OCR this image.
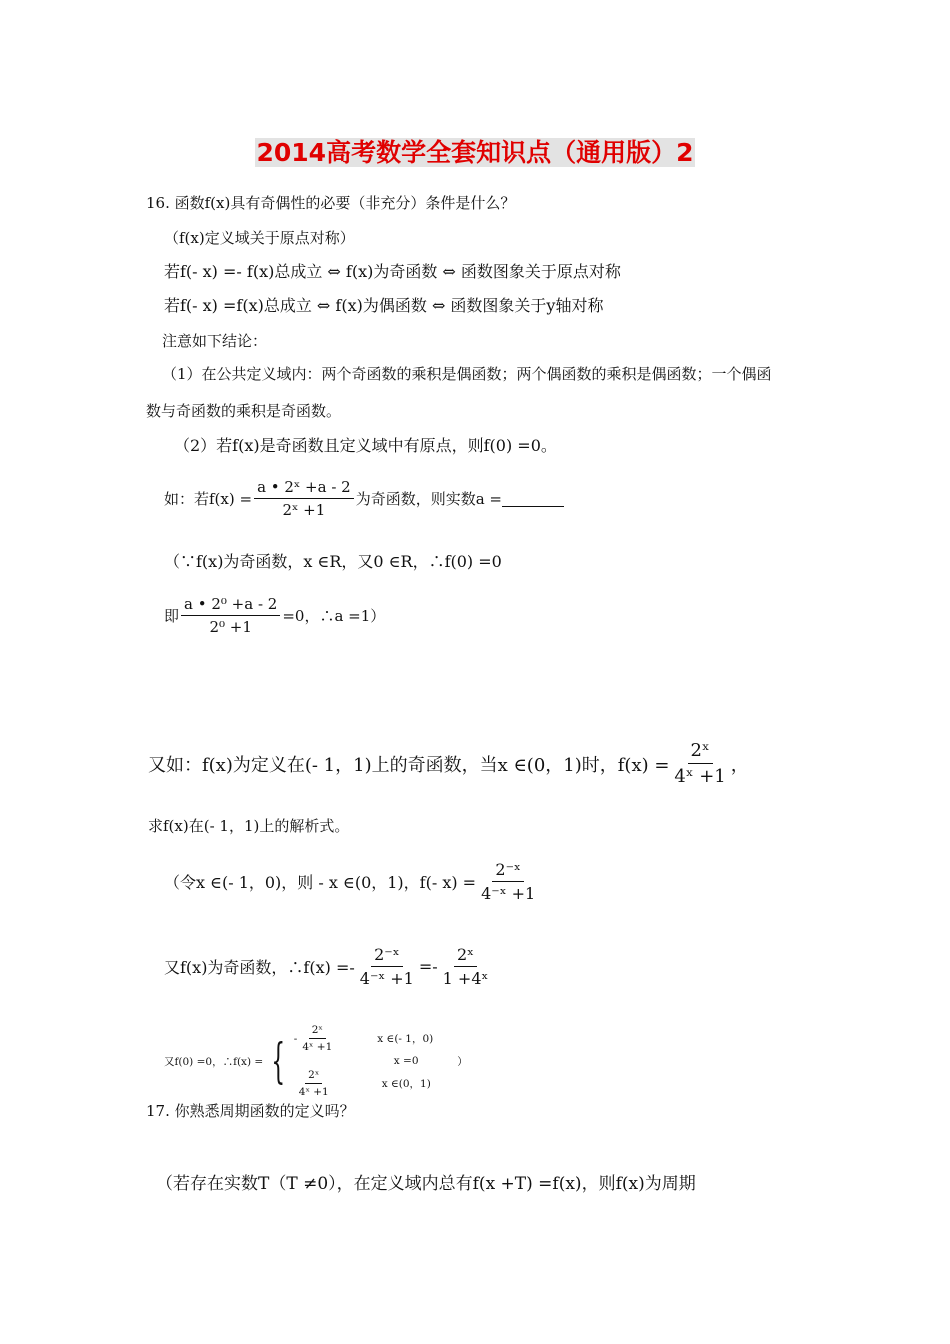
2014高考数学全套知识点（通用版）2
16. 函数f(x)具有奇偶性的必要（非充分）条件是什么？
（f(x)定义域关于原点对称）
若f(- x) =- f(x)总成立 ⇔ f(x)为奇函数 ⇔ 函数图象关于原点对称
若f(- x) =f(x)总成立 ⇔ f(x)为偶函数 ⇔ 函数图象关于y轴对称
注意如下结论：
（1）在公共定义域内：两个奇函数的乘积是偶函数；两个偶函数的乘积是偶函数；一个偶函
数与奇函数的乘积是奇函数。
（2）若f(x)是奇函数且定义域中有原点，则f(0) =0。
如：若$f(x) = \frac{\text{a • 2ˣ +a - 2}}{\text{2ˣ +1}}$ 为奇函数，则实数a =
（∵f(x)为奇函数，x ∈R，又0 ∈R，∴f(0) =0
即 $\frac{\text{a • 2⁰ +a - 2}}{\text{2⁰ +1}} =0$，∴a =1）
又如：f(x)为定义在(- 1，1)上的奇函数，当x ∈(0，1)时，$f(x) = \frac{\text{2ˣ}}{\text{4ˣ +1}}$ ，
求f(x)在(- 1，1)上的解析式。
（令x ∈(- 1，0)，则 - x ∈(0，1)，f(- $x) = \frac{\text{2⁻ˣ}}{\text{4⁻ˣ +1}}$
又f(x)为奇函数，∴f(x) =- $\frac{\text{2⁻ˣ}}{\text{4⁻ˣ +1}} =- \frac{\text{2ˣ}}{\text{1 +4ˣ}}$
又f(0) =0，∴f(x) = { - $\frac{\text{2ˣ}}{\text{4ˣ +1}}$	x ∈(- 1，0)
x =0
$\frac{\text{2ˣ}}{\text{4ˣ +1}}$	x ∈(0，1)
）
17. 你熟悉周期函数的定义吗？
（若存在实数T（T ≠0），在定义域内总有f(x +T) =f(x)，则f(x)为周期
